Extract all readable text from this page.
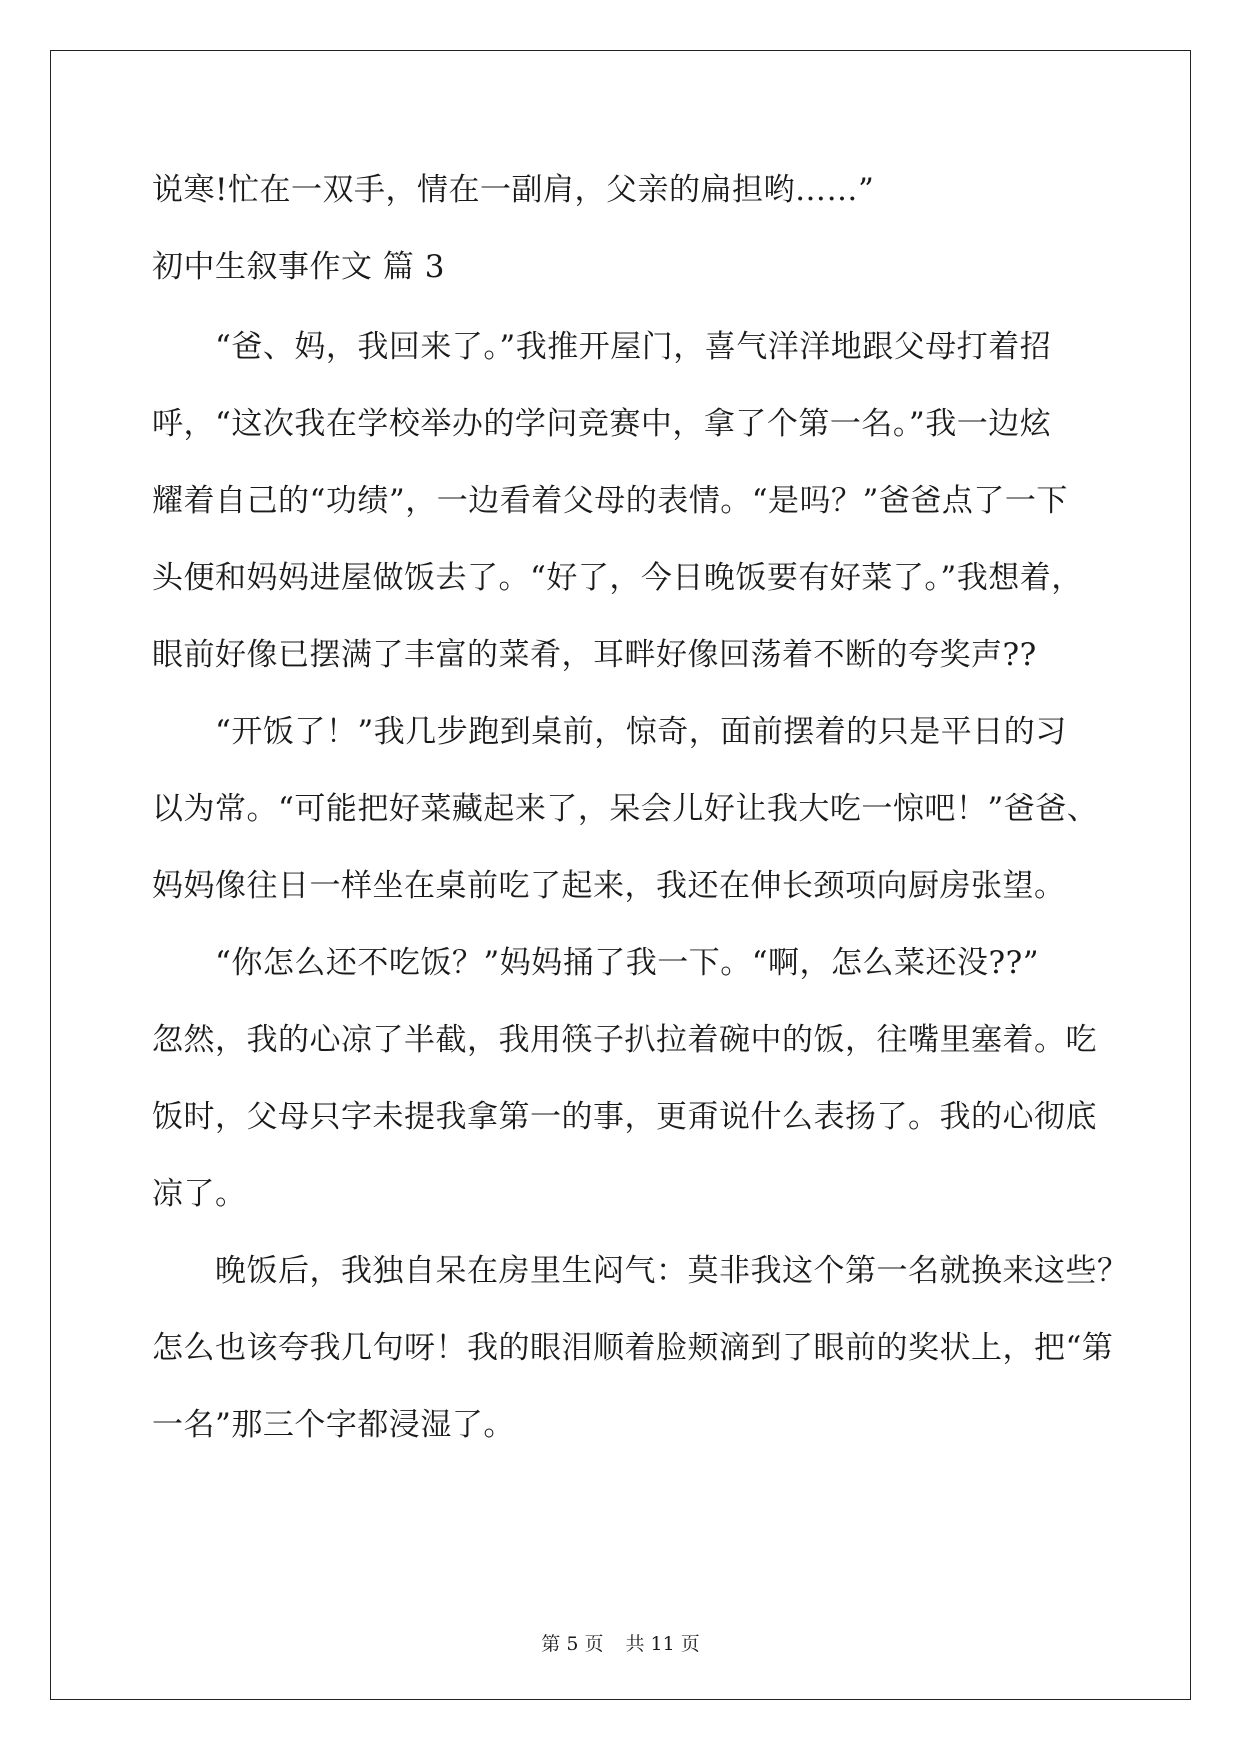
说寒!忙在一双手，情在一副肩，父亲的扁担哟……”
初中生叙事作文 篇 3
　　“爸、妈，我回来了。”我推开屋门，喜气洋洋地跟父母打着招
呼，“这次我在学校举办的学问竞赛中，拿了个第一名。”我一边炫
耀着自己的“功绩”，一边看着父母的表情。“是吗？”爸爸点了一下
头便和妈妈进屋做饭去了。“好了，今日晚饭要有好菜了。”我想着，
眼前好像已摆满了丰富的菜肴，耳畔好像回荡着不断的夸奖声??
　　“开饭了！”我几步跑到桌前，惊奇，面前摆着的只是平日的习
以为常。“可能把好菜藏起来了，呆会儿好让我大吃一惊吧！”爸爸、
妈妈像往日一样坐在桌前吃了起来，我还在伸长颈项向厨房张望。
　　“你怎么还不吃饭？”妈妈捅了我一下。“啊，怎么菜还没??”
忽然，我的心凉了半截，我用筷子扒拉着碗中的饭，往嘴里塞着。吃
饭时，父母只字未提我拿第一的事，更甭说什么表扬了。我的心彻底
凉了。
　　晚饭后，我独自呆在房里生闷气：莫非我这个第一名就换来这些？
怎么也该夸我几句呀！我的眼泪顺着脸颊滴到了眼前的奖状上，把“第
一名”那三个字都浸湿了。
第 5 页 共 11 页
